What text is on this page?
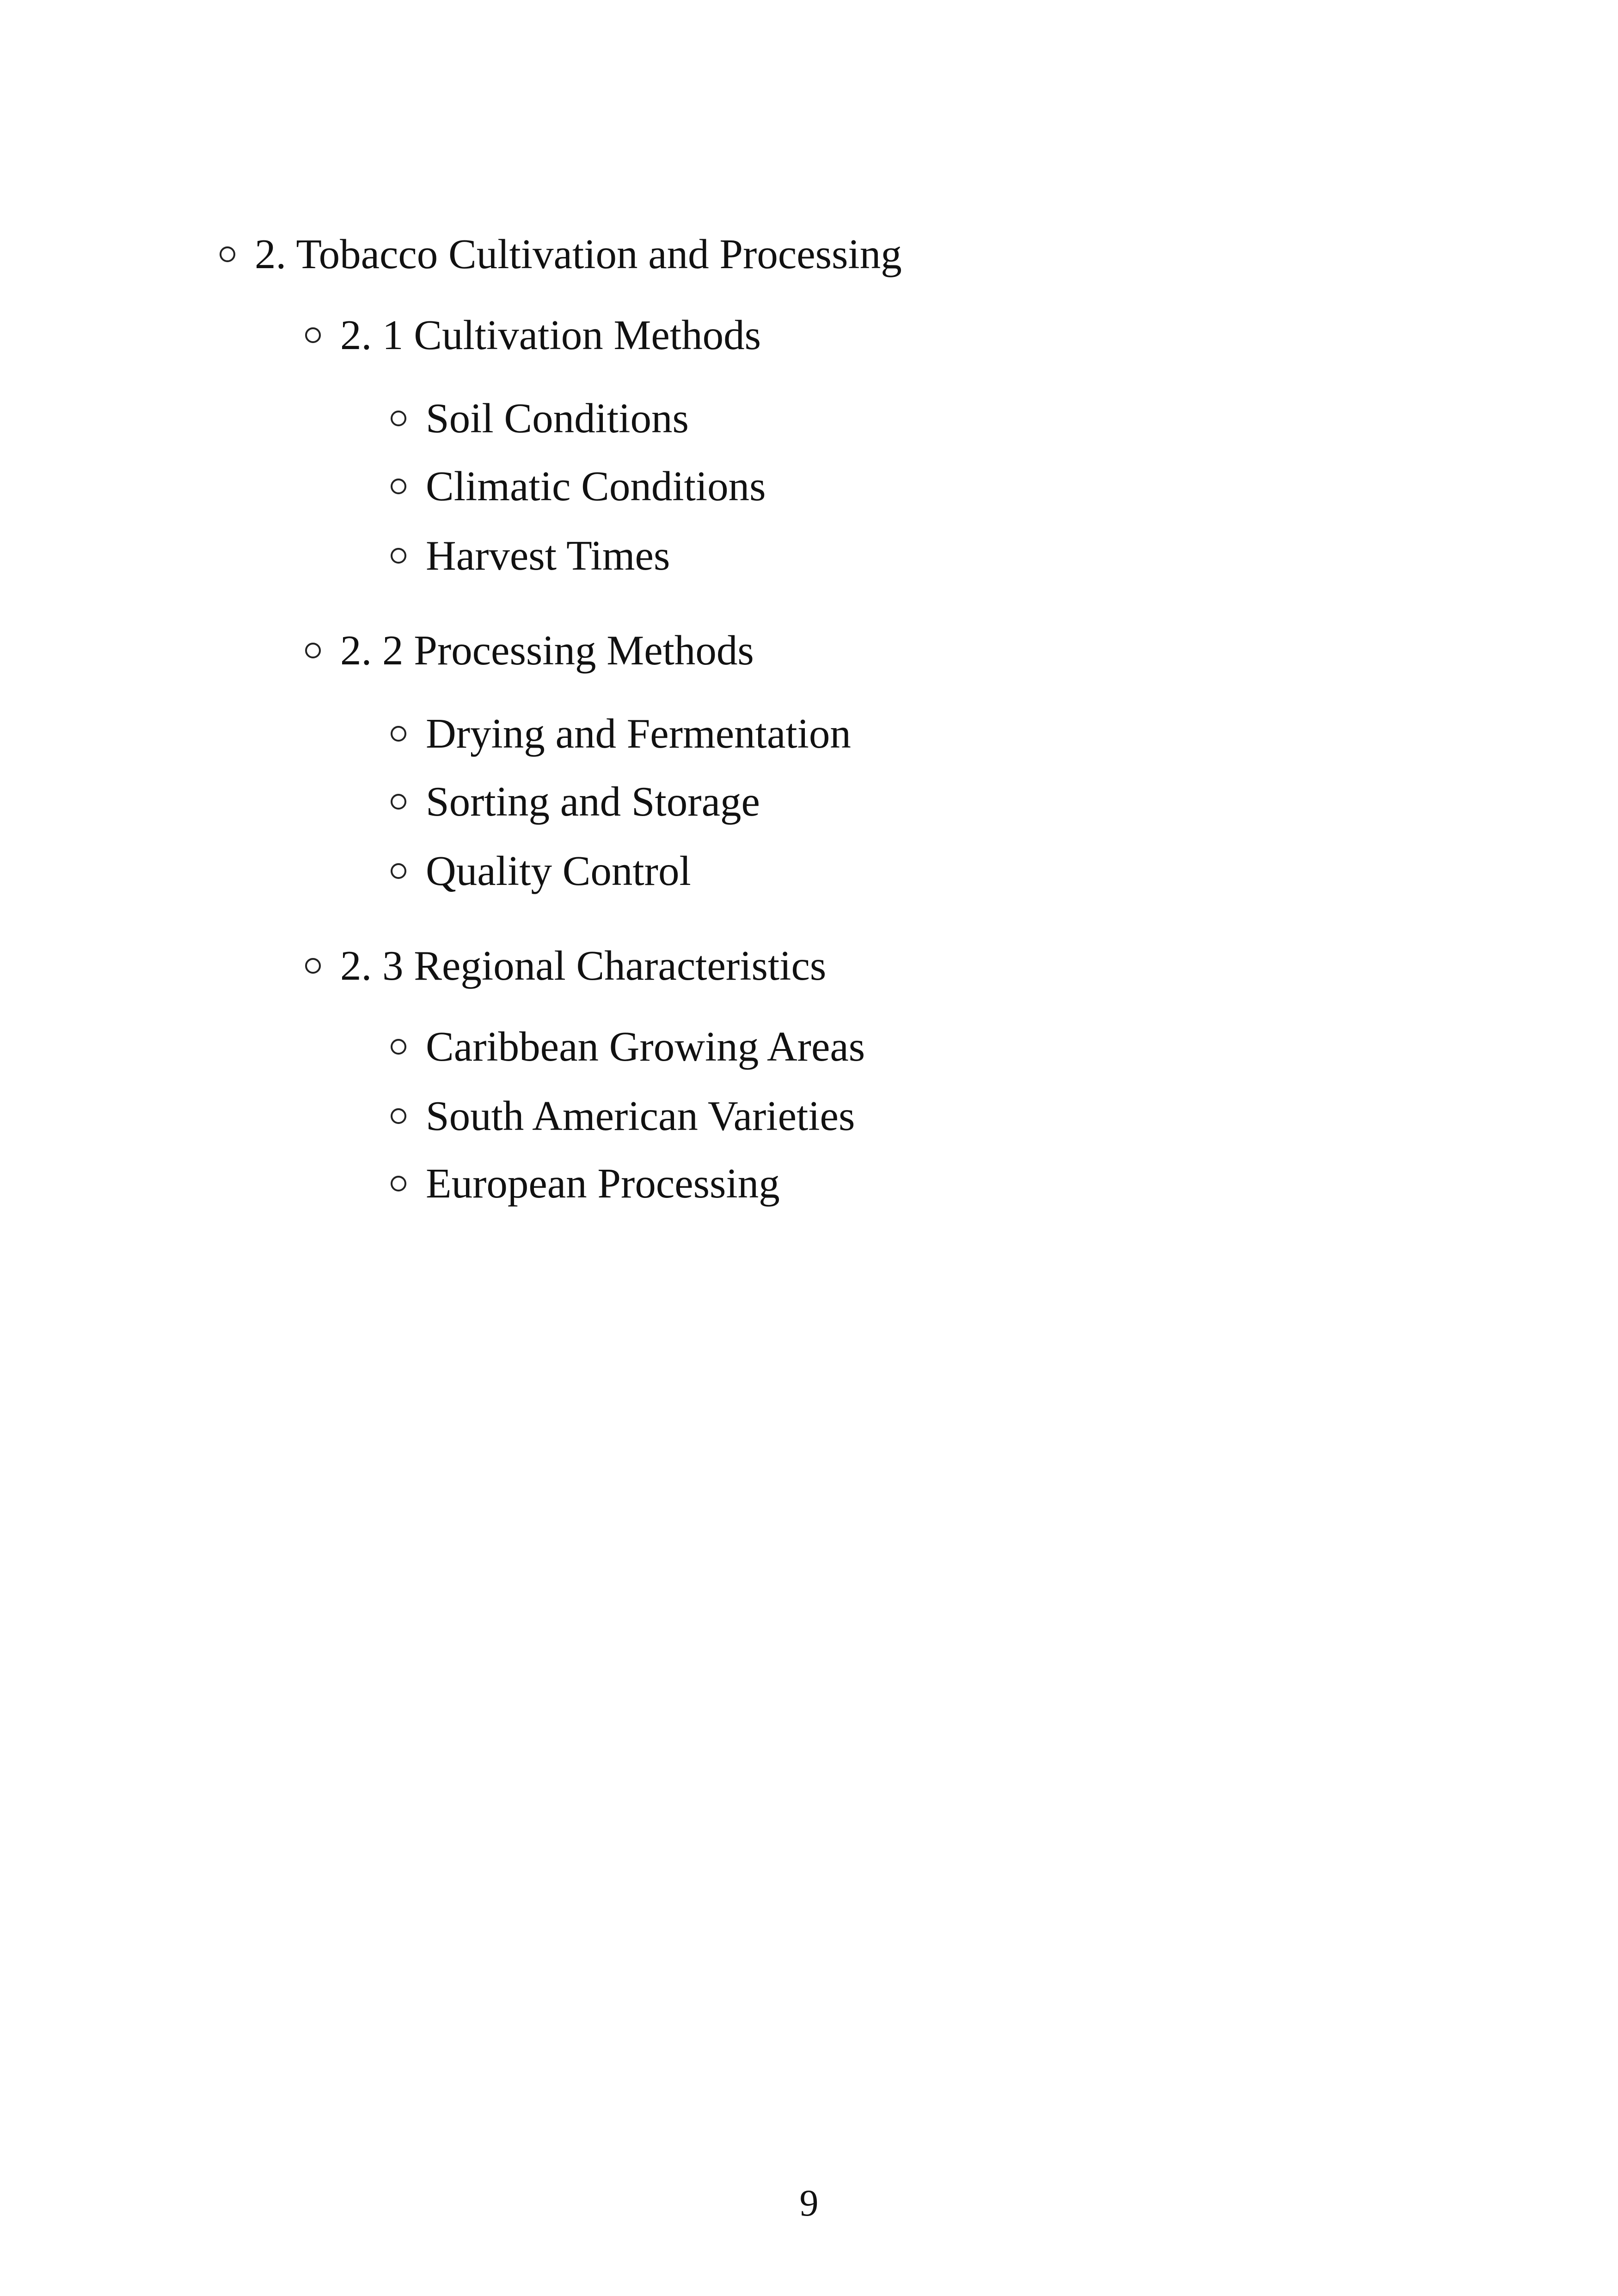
2. Tobacco Cultivation and Processing
2. 1 Cultivation Methods
Soil Conditions
Climatic Conditions
Harvest Times
2. 2 Processing Methods
Drying and Fermentation
Sorting and Storage
Quality Control
2. 3 Regional Characteristics
Caribbean Growing Areas
South American Varieties
European Processing
9
